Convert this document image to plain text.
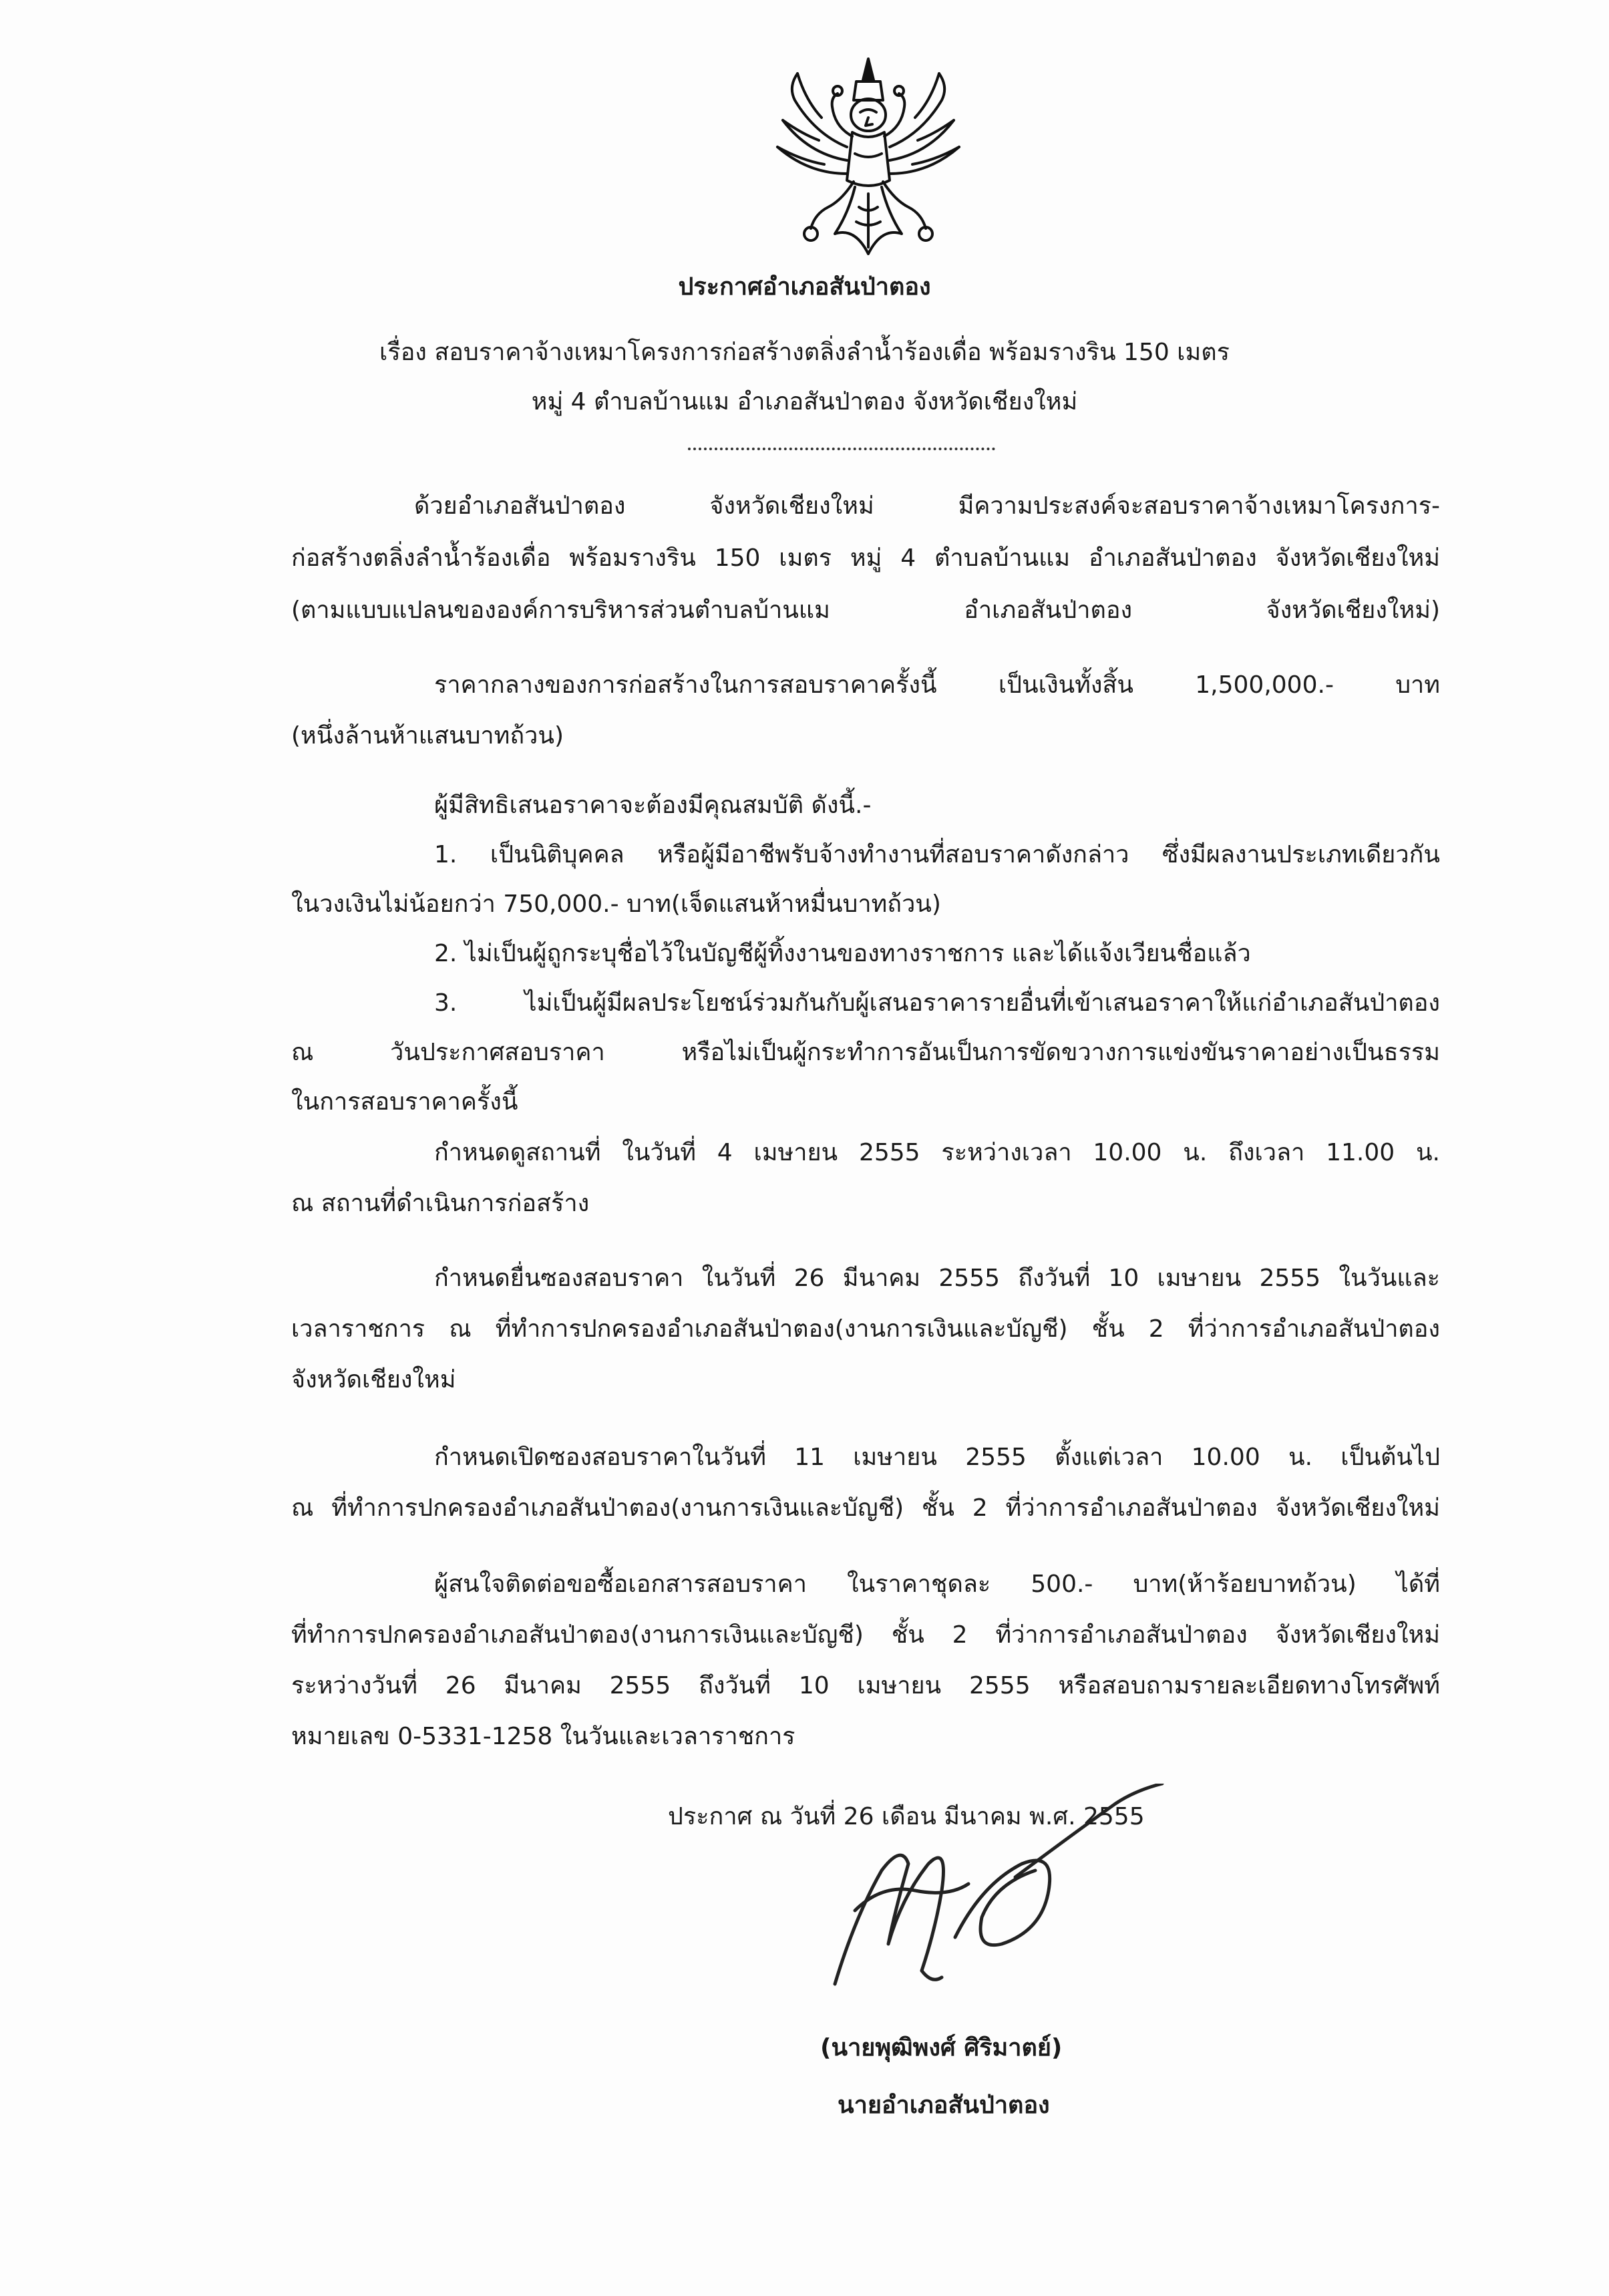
ประกาศอำเภอสันป่าตอง
เรื่อง สอบราคาจ้างเหมาโครงการก่อสร้างตลิ่งลำน้ำร้องเดื่อ พร้อมรางริน 150 เมตร
หมู่ 4 ตำบลบ้านแม อำเภอสันป่าตอง จังหวัดเชียงใหม่
ด้วยอำเภอสันป่าตอง จังหวัดเชียงใหม่ มีความประสงค์จะสอบราคาจ้างเหมาโครงการ-
ก่อสร้างตลิ่งลำน้ำร้องเดื่อ พร้อมรางริน 150 เมตร หมู่ 4 ตำบลบ้านแม อำเภอสันป่าตอง จังหวัดเชียงใหม่
(ตามแบบแปลนขององค์การบริหารส่วนตำบลบ้านแม อำเภอสันป่าตอง จังหวัดเชียงใหม่)
ราคากลางของการก่อสร้างในการสอบราคาครั้งนี้ เป็นเงินทั้งสิ้น 1,500,000.- บาท
(หนึ่งล้านห้าแสนบาทถ้วน)
ผู้มีสิทธิเสนอราคาจะต้องมีคุณสมบัติ ดังนี้.-
1. เป็นนิติบุคคล หรือผู้มีอาชีพรับจ้างทำงานที่สอบราคาดังกล่าว ซึ่งมีผลงานประเภทเดียวกัน
ในวงเงินไม่น้อยกว่า 750,000.- บาท(เจ็ดแสนห้าหมื่นบาทถ้วน)
2. ไม่เป็นผู้ถูกระบุชื่อไว้ในบัญชีผู้ทิ้งงานของทางราชการ และได้แจ้งเวียนชื่อแล้ว
3. ไม่เป็นผู้มีผลประโยชน์ร่วมกันกับผู้เสนอราคารายอื่นที่เข้าเสนอราคาให้แก่อำเภอสันป่าตอง
ณ วันประกาศสอบราคา หรือไม่เป็นผู้กระทำการอันเป็นการขัดขวางการแข่งขันราคาอย่างเป็นธรรม
ในการสอบราคาครั้งนี้
กำหนดดูสถานที่ ในวันที่ 4 เมษายน 2555 ระหว่างเวลา 10.00 น. ถึงเวลา 11.00 น.
ณ สถานที่ดำเนินการก่อสร้าง
กำหนดยื่นซองสอบราคา ในวันที่ 26 มีนาคม 2555 ถึงวันที่ 10 เมษายน 2555 ในวันและ
เวลาราชการ ณ ที่ทำการปกครองอำเภอสันป่าตอง(งานการเงินและบัญชี) ชั้น 2 ที่ว่าการอำเภอสันป่าตอง
จังหวัดเชียงใหม่
กำหนดเปิดซองสอบราคาในวันที่ 11 เมษายน 2555 ตั้งแต่เวลา 10.00 น. เป็นต้นไป
ณ ที่ทำการปกครองอำเภอสันป่าตอง(งานการเงินและบัญชี) ชั้น 2 ที่ว่าการอำเภอสันป่าตอง จังหวัดเชียงใหม่
ผู้สนใจติดต่อขอซื้อเอกสารสอบราคา ในราคาชุดละ 500.- บาท(ห้าร้อยบาทถ้วน) ได้ที่
ที่ทำการปกครองอำเภอสันป่าตอง(งานการเงินและบัญชี) ชั้น 2 ที่ว่าการอำเภอสันป่าตอง จังหวัดเชียงใหม่
ระหว่างวันที่ 26 มีนาคม 2555 ถึงวันที่ 10 เมษายน 2555 หรือสอบถามรายละเอียดทางโทรศัพท์
หมายเลข 0-5331-1258 ในวันและเวลาราชการ
ประกาศ ณ วันที่ 26 เดือน มีนาคม พ.ศ. 2555
(นายพุฒิพงศ์ ศิริมาตย์)
นายอำเภอสันป่าตอง
